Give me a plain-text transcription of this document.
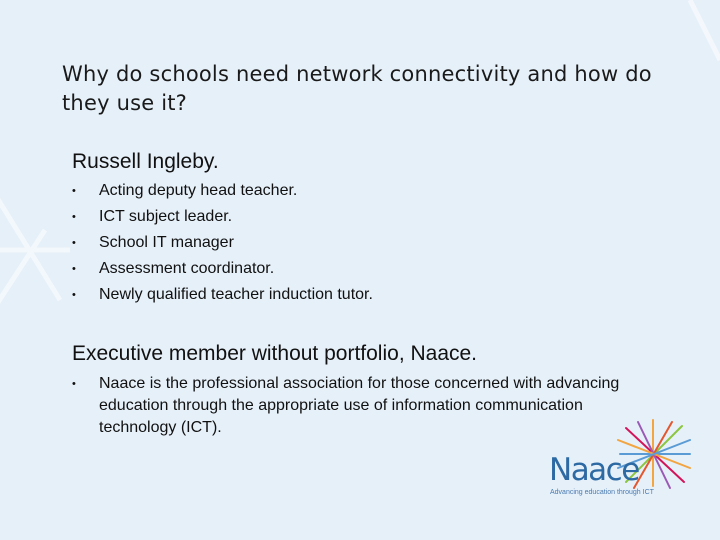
Why do schools need network connectivity and how do they use it?
Russell Ingleby.
• Acting deputy head teacher.
• ICT subject leader.
• School IT manager
• Assessment coordinator.
• Newly qualified teacher induction tutor.
Executive member without portfolio, Naace.
• Naace is the professional association for those concerned with advancing education through the appropriate use of information communication technology (ICT).
Naace
Advancing education through ICT
